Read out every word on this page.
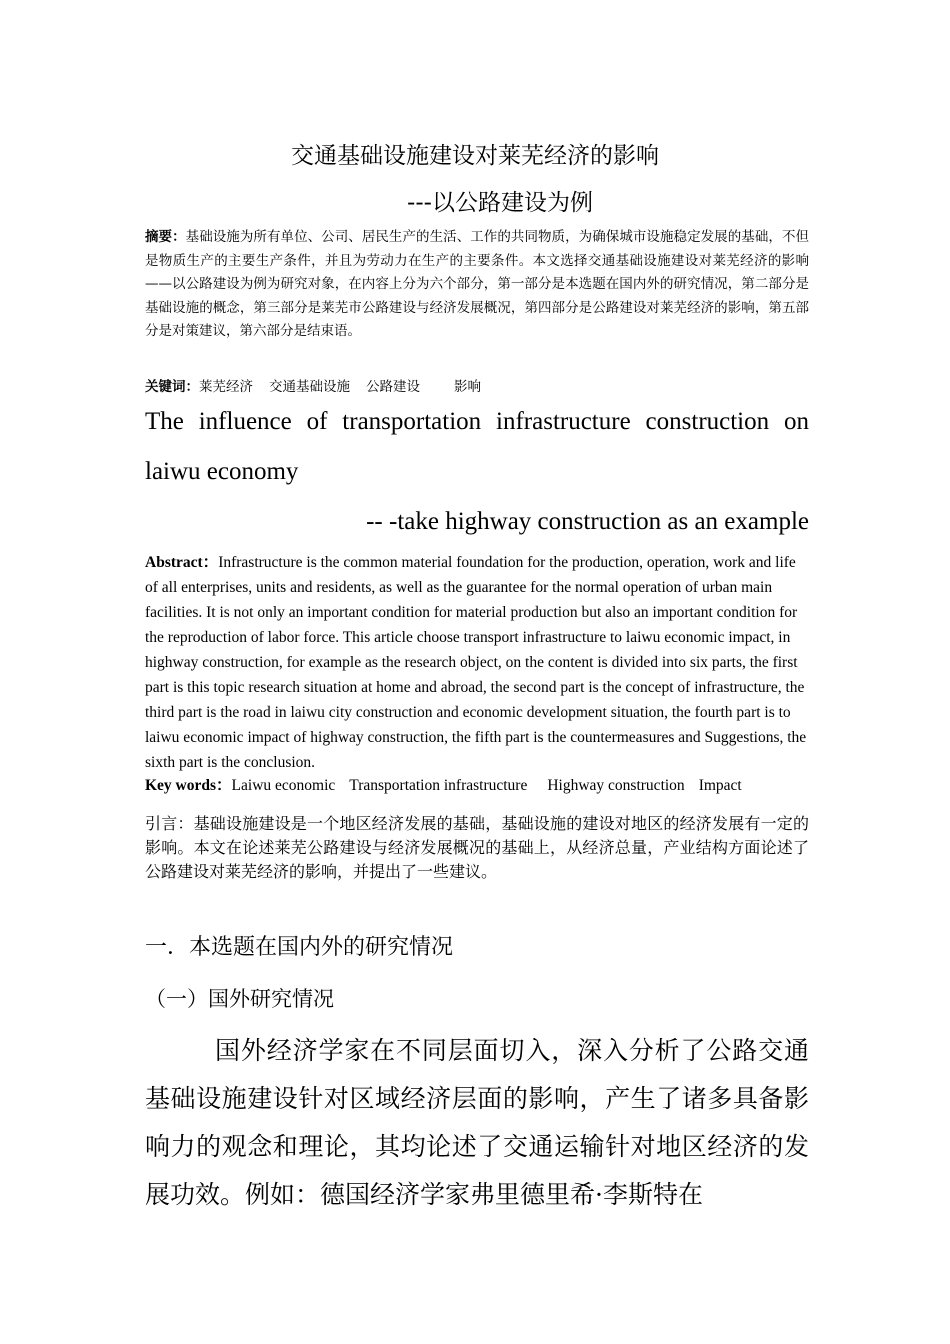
交通基础设施建设对莱芜经济的影响
---以公路建设为例
摘要：基础设施为所有单位、公司、居民生产的生活、工作的共同物质，为确保城市设施稳定发展的基础，不但是物质生产的主要生产条件，并且为劳动力在生产的主要条件。本文选择交通基础设施建设对莱芜经济的影响——以公路建设为例为研究对象，在内容上分为六个部分，第一部分是本选题在国内外的研究情况，第二部分是基础设施的概念，第三部分是莱芜市公路建设与经济发展概况，第四部分是公路建设对莱芜经济的影响，第五部分是对策建议，第六部分是结束语。
关键词：莱芜经济 交通基础设施 公路建设	影响
The influence of transportation infrastructure construction on
laiwu economy
-- -take highway construction as an example
Abstract：Infrastructure is the common material foundation for the production, operation, work and life of all enterprises, units and residents, as well as the guarantee for the normal operation of urban main facilities. It is not only an important condition for material production but also an important condition for the reproduction of labor force. This article choose transport infrastructure to laiwu economic impact, in highway construction, for example as the research object, on the content is divided into six parts, the first part is this topic research situation at home and abroad, the second part is the concept of infrastructure, the third part is the road in laiwu city construction and economic development situation, the fourth part is to laiwu economic impact of highway construction, the fifth part is the countermeasures and Suggestions, the sixth part is the conclusion.
Key words：Laiwu economic Transportation infrastructure Highway construction Impact
引言：基础设施建设是一个地区经济发展的基础，基础设施的建设对地区的经济发展有一定的影响。本文在论述莱芜公路建设与经济发展概况的基础上，从经济总量，产业结构方面论述了公路建设对莱芜经济的影响，并提出了一些建议。
一．本选题在国内外的研究情况
（一）国外研究情况
国外经济学家在不同层面切入，深入分析了公路交通基础设施建设针对区域经济层面的影响，产生了诸多具备影响力的观念和理论，其均论述了交通运输针对地区经济的发展功效。例如：德国经济学家弗里德里希·李斯特在
